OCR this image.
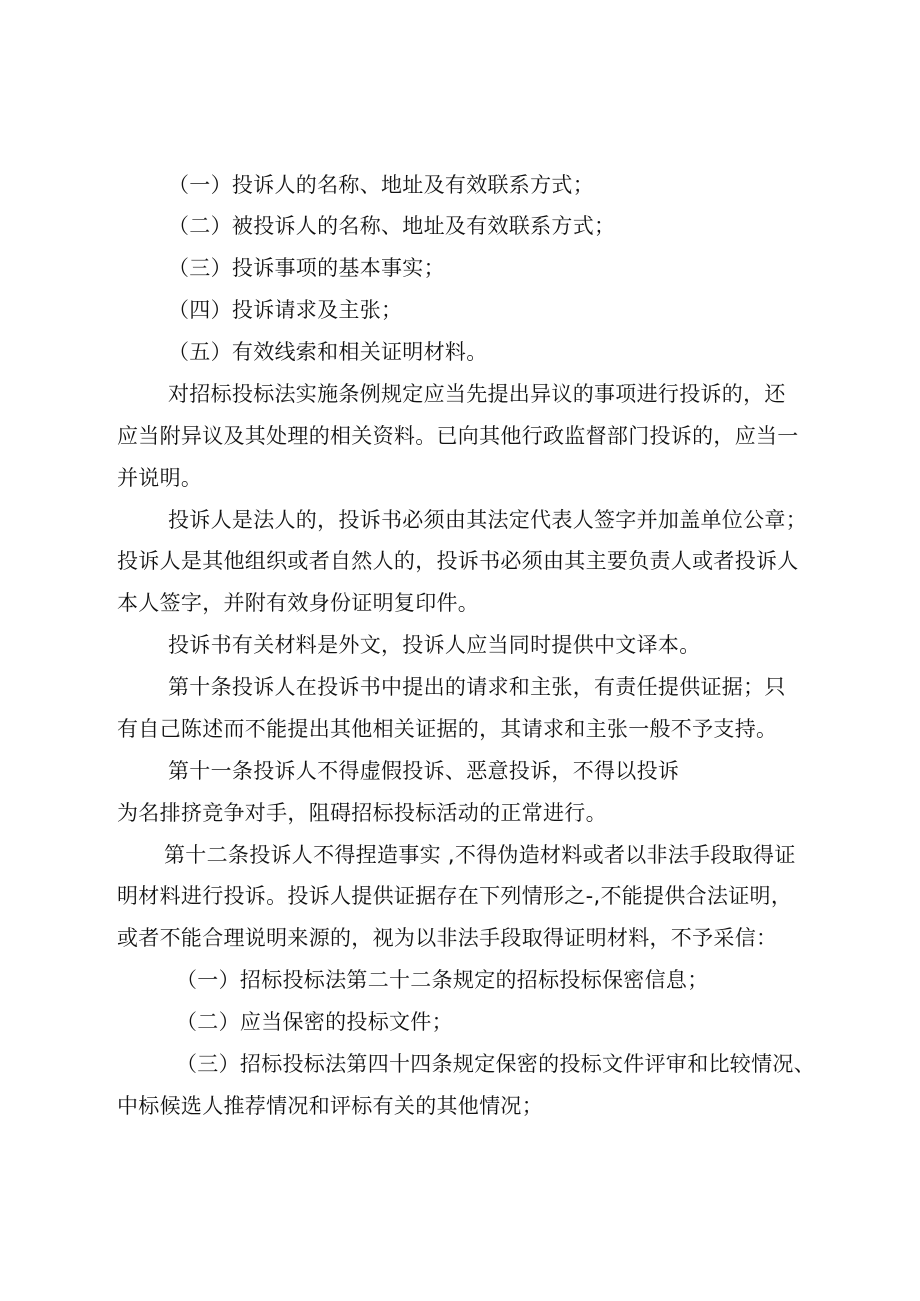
（一）投诉人的名称、地址及有效联系方式；
（二）被投诉人的名称、地址及有效联系方式；
（三）投诉事项的基本事实；
（四）投诉请求及主张；
（五）有效线索和相关证明材料。
对招标投标法实施条例规定应当先提出异议的事项进行投诉的，还
应当附异议及其处理的相关资料。已向其他行政监督部门投诉的，应当一
并说明。
投诉人是法人的，投诉书必须由其法定代表人签字并加盖单位公章；
投诉人是其他组织或者自然人的，投诉书必须由其主要负责人或者投诉人
本人签字，并附有效身份证明复印件。
投诉书有关材料是外文，投诉人应当同时提供中文译本。
第十条投诉人在投诉书中提出的请求和主张，有责任提供证据；只
有自己陈述而不能提出其他相关证据的，其请求和主张一般不予支持。
第十一条投诉人不得虚假投诉、恶意投诉，不得以投诉
为名排挤竞争对手，阻碍招标投标活动的正常进行。
第十二条投诉人不得捏造事实 ,不得伪造材料或者以非法手段取得证
明材料进行投诉。投诉人提供证据存在下列情形之-,不能提供合法证明，
或者不能合理说明来源的，视为以非法手段取得证明材料，不予采信：
（一）招标投标法第二十二条规定的招标投标保密信息；
（二）应当保密的投标文件；
（三）招标投标法第四十四条规定保密的投标文件评审和比较情况、
中标候选人推荐情况和评标有关的其他情况；
